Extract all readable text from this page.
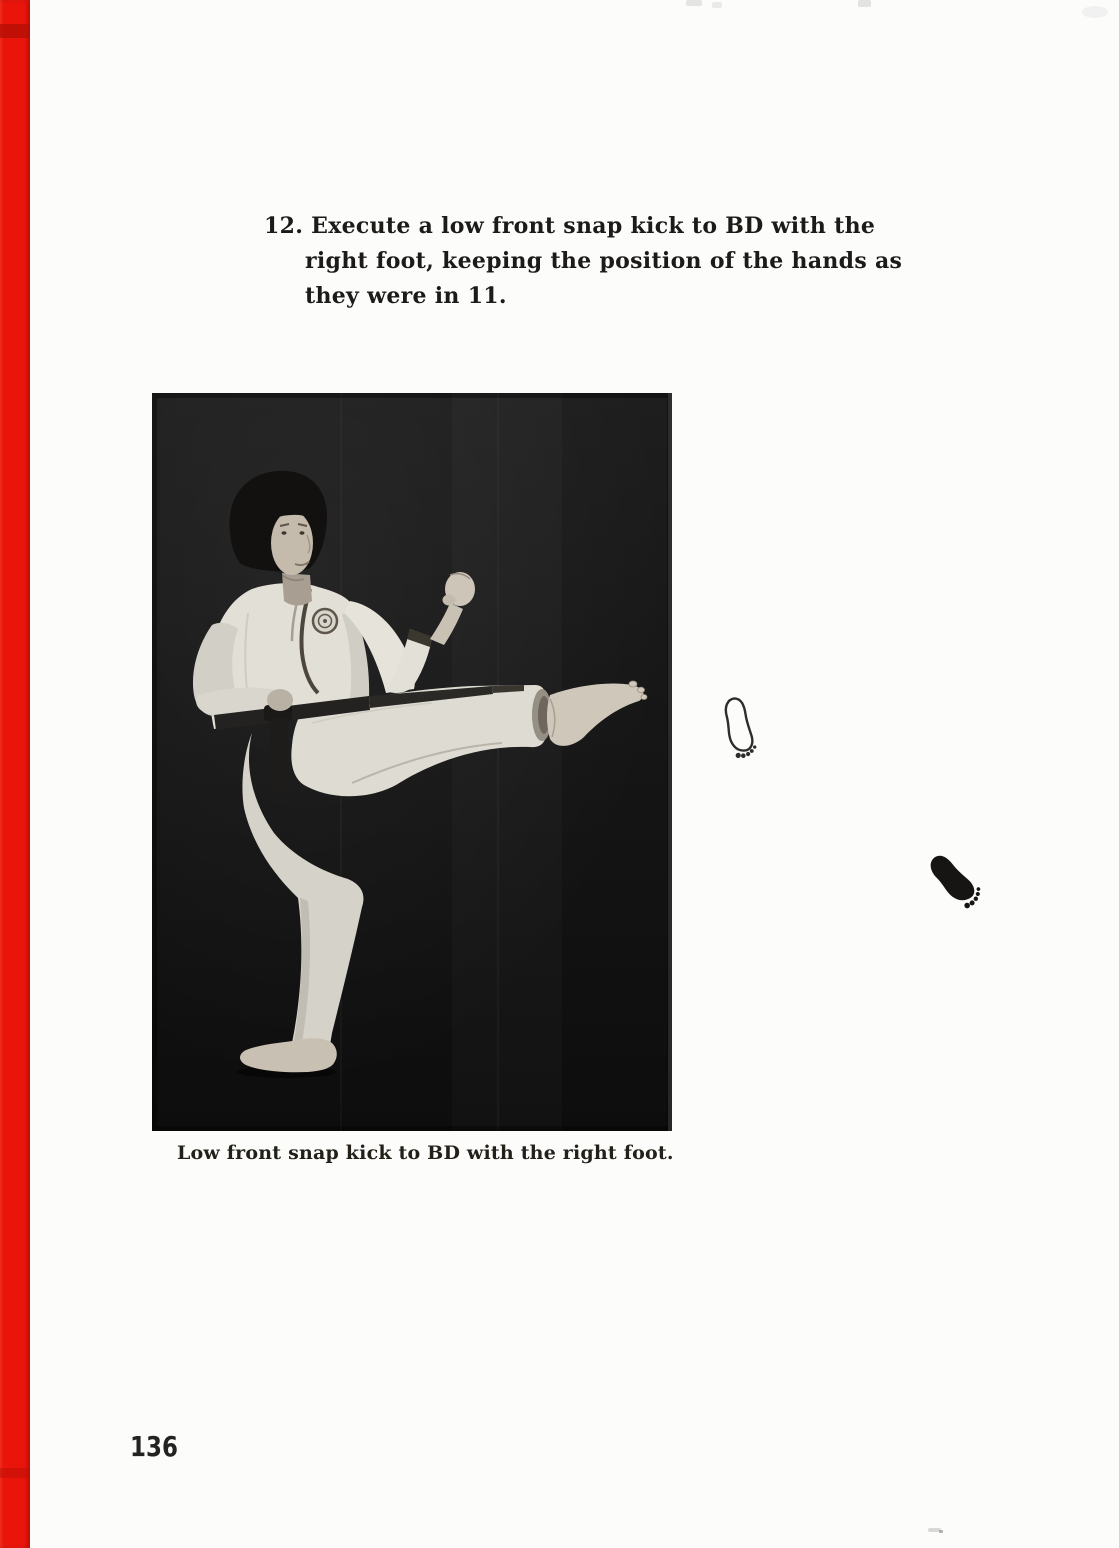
12. Execute a low front snap kick to BD with the
right foot, keeping the position of the hands as
they were in 11.
Low front snap kick to BD with the right foot.
136
